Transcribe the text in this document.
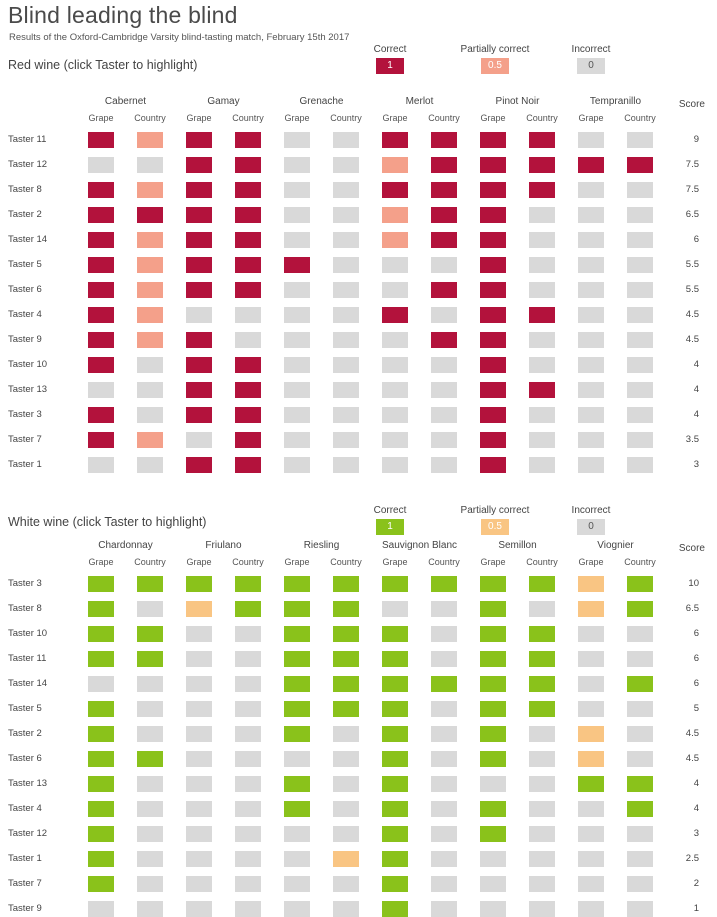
Blind leading the blind
Results of the Oxford-Cambridge Varsity blind-tasting match, February 15th 2017
Correct
1
Partially correct
0.5
Incorrect
0
Red wine (click Taster to highlight)
Cabernet	Gamay	Grenache	Merlot	Pinot Noir	Tempranillo
Grape	Country	Grape	Country	Grape	Country	Grape	Country	Grape	Country	Grape	Country
Score
Taster 11	9
Taster 12	7.5
Taster 8	7.5
Taster 2	6.5
Taster 14	6
Taster 5	5.5
Taster 6	5.5
Taster 4	4.5
Taster 9	4.5
Taster 10	4
Taster 13	4
Taster 3	4
Taster 7	3.5
Taster 1	3
Correct
1
Partially correct
0.5
Incorrect
0
White wine (click Taster to highlight)
Chardonnay	Friulano	Riesling	Sauvignon Blanc	Semillon	Viognier
Grape	Country	Grape	Country	Grape	Country	Grape	Country	Grape	Country	Grape	Country
Score
Taster 3	10
Taster 8	6.5
Taster 10	6
Taster 11	6
Taster 14	6
Taster 5	5
Taster 2	4.5
Taster 6	4.5
Taster 13	4
Taster 4	4
Taster 12	3
Taster 1	2.5
Taster 7	2
Taster 9	1
